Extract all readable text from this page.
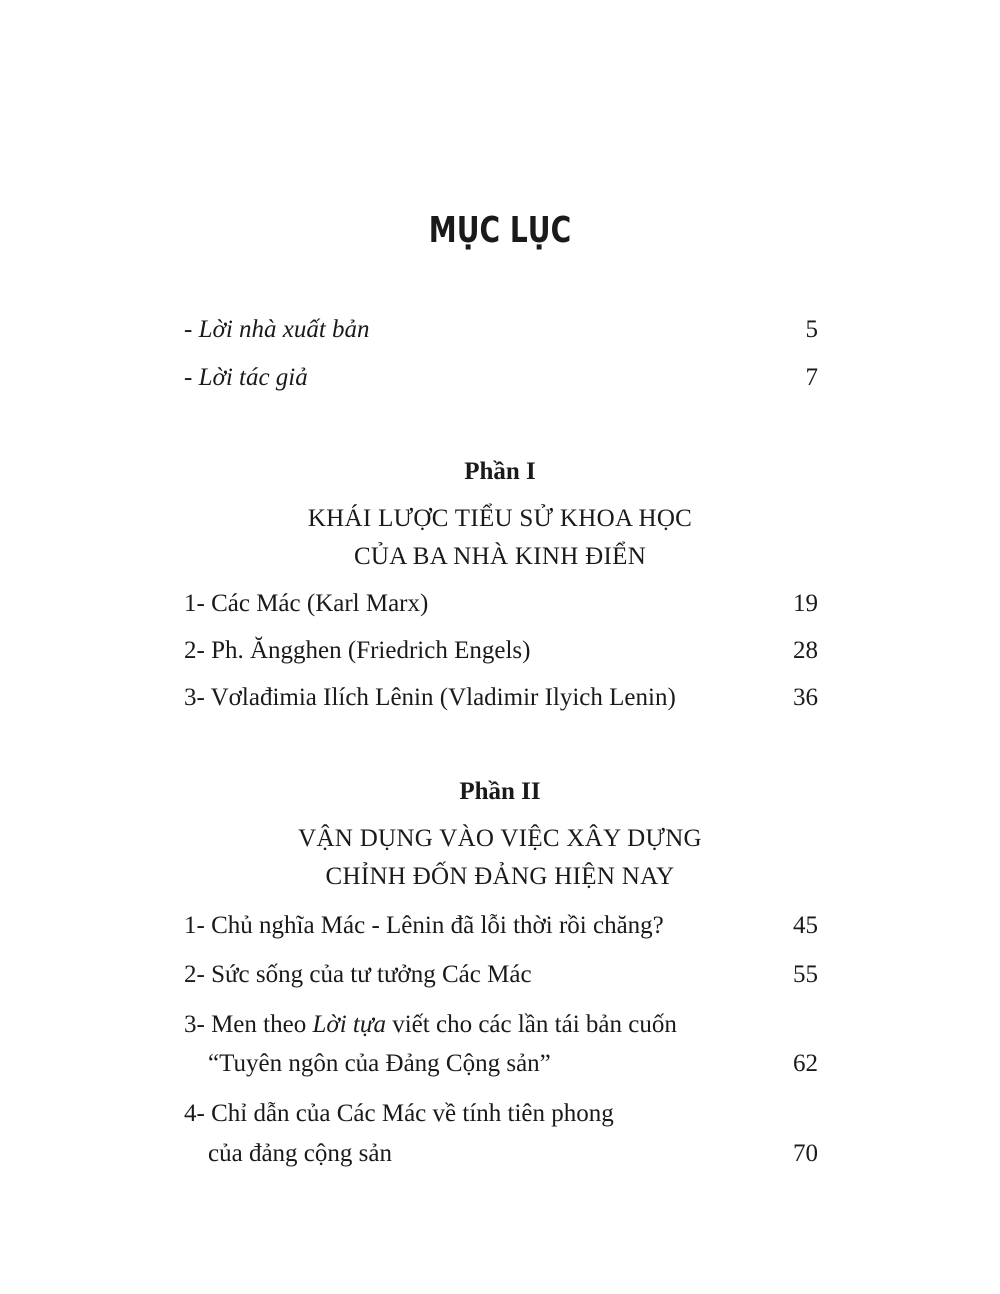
MỤC LỤC
- Lời nhà xuất bản	5
- Lời tác giả	7
Phần I
KHÁI LƯỢC TIỂU SỬ KHOA HỌC
CỦA BA NHÀ KINH ĐIỂN
1- Các Mác (Karl Marx)	19
2- Ph. Ăngghen (Friedrich Engels)	28
3- Vơlađimia Ilích Lênin (Vladimir Ilyich Lenin)	36
Phần II
VẬN DỤNG VÀO VIỆC XÂY DỰNG
CHỈNH ĐỐN ĐẢNG HIỆN NAY
1- Chủ nghĩa Mác - Lênin đã lỗi thời rồi chăng?	45
2- Sức sống của tư tưởng Các Mác	55
3- Men theo Lời tựa viết cho các lần tái bản cuốn
“Tuyên ngôn của Đảng Cộng sản”	62
4- Chỉ dẫn của Các Mác về tính tiên phong
của đảng cộng sản	70
